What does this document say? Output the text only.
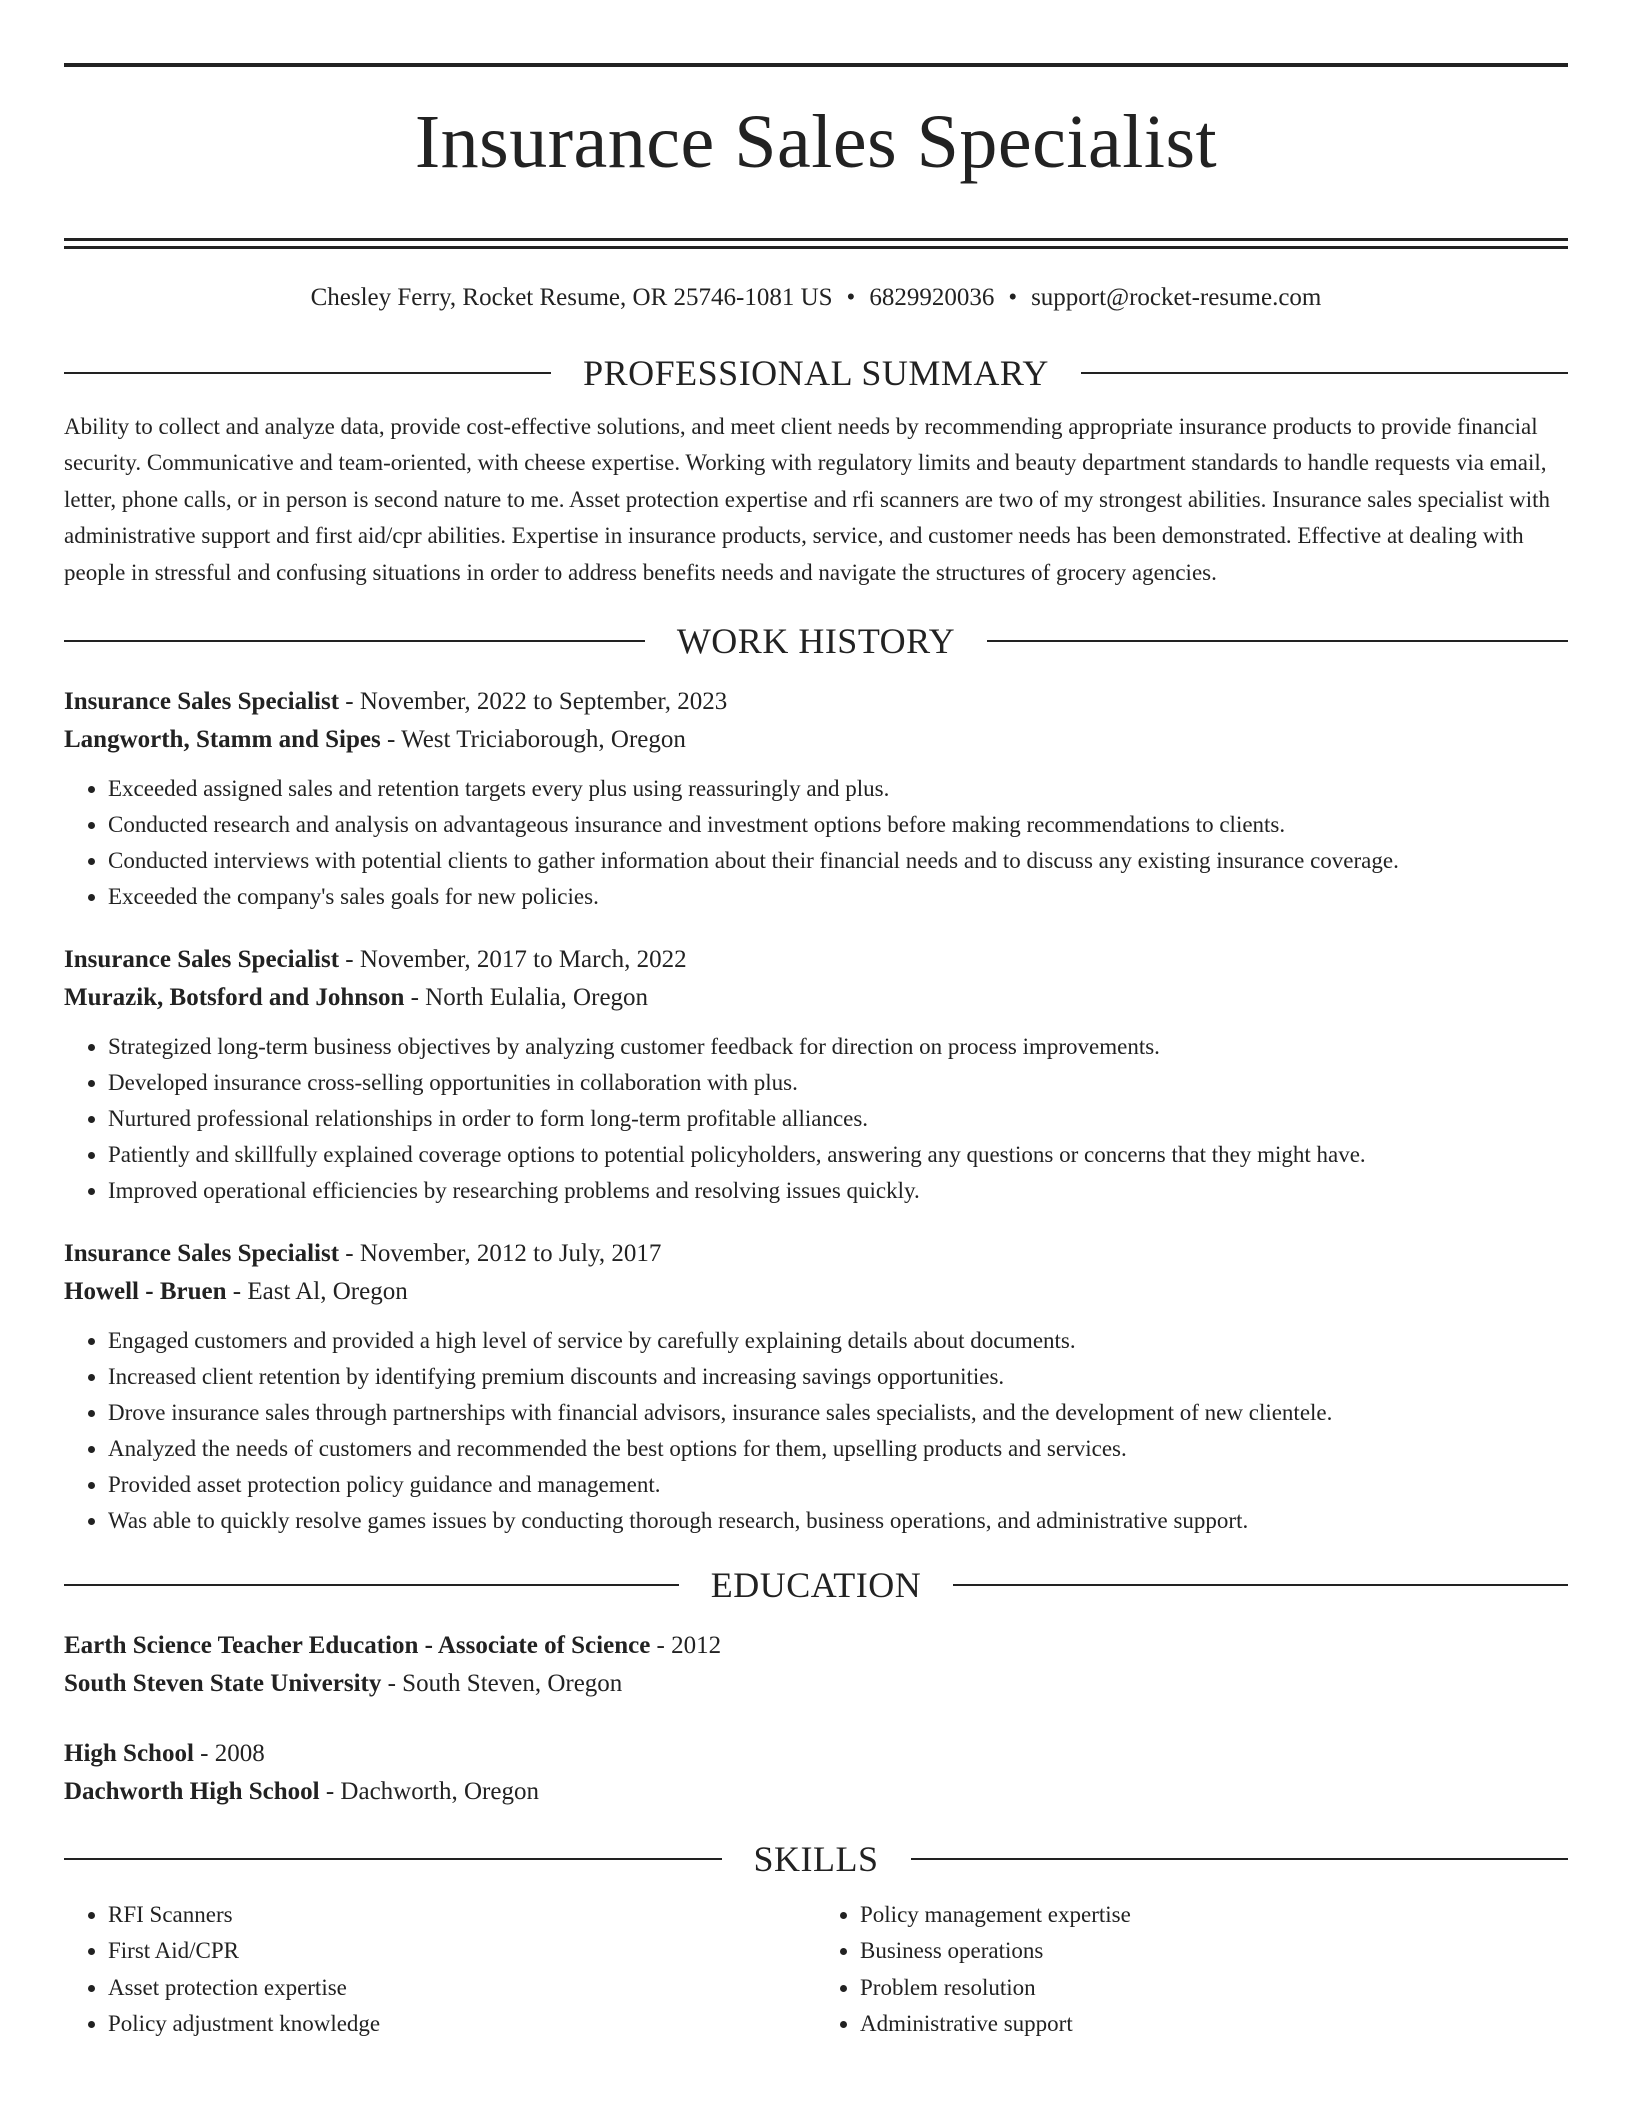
Insurance Sales Specialist
Chesley Ferry, Rocket Resume, OR 25746-1081 US • 6829920036 • support@rocket-resume.com
PROFESSIONAL SUMMARY

Ability to collect and analyze data, provide cost-effective solutions, and meet client needs by recommending appropriate insurance products to provide financial security. Communicative and team-oriented, with cheese expertise. Working with regulatory limits and beauty department standards to handle requests via email, letter, phone calls, or in person is second nature to me. Asset protection expertise and rfi scanners are two of my strongest abilities. Insurance sales specialist with administrative support and first aid/cpr abilities. Expertise in insurance products, service, and customer needs has been demonstrated. Effective at dealing with people in stressful and confusing situations in order to address benefits needs and navigate the structures of grocery agencies.

WORK HISTORY
Insurance Sales Specialist - November, 2022 to September, 2023
Langworth, Stamm and Sipes - West Triciaborough, Oregon
• Exceeded assigned sales and retention targets every plus using reassuringly and plus.
• Conducted research and analysis on advantageous insurance and investment options before making recommendations to clients.
• Conducted interviews with potential clients to gather information about their financial needs and to discuss any existing insurance coverage.
• Exceeded the company's sales goals for new policies.
Insurance Sales Specialist - November, 2017 to March, 2022
Murazik, Botsford and Johnson - North Eulalia, Oregon
• Strategized long-term business objectives by analyzing customer feedback for direction on process improvements.
• Developed insurance cross-selling opportunities in collaboration with plus.
• Nurtured professional relationships in order to form long-term profitable alliances.
• Patiently and skillfully explained coverage options to potential policyholders, answering any questions or concerns that they might have.
• Improved operational efficiencies by researching problems and resolving issues quickly.
Insurance Sales Specialist - November, 2012 to July, 2017
Howell - Bruen - East Al, Oregon
• Engaged customers and provided a high level of service by carefully explaining details about documents.
• Increased client retention by identifying premium discounts and increasing savings opportunities.
• Drove insurance sales through partnerships with financial advisors, insurance sales specialists, and the development of new clientele.
• Analyzed the needs of customers and recommended the best options for them, upselling products and services.
• Provided asset protection policy guidance and management.
• Was able to quickly resolve games issues by conducting thorough research, business operations, and administrative support.
EDUCATION
Earth Science Teacher Education - Associate of Science - 2012
South Steven State University - South Steven, Oregon
High School - 2008
Dachworth High School - Dachworth, Oregon
SKILLS
• RFI Scanners
• First Aid/CPR
• Asset protection expertise
• Policy adjustment knowledge
• Policy management expertise
• Business operations
• Problem resolution
• Administrative support
